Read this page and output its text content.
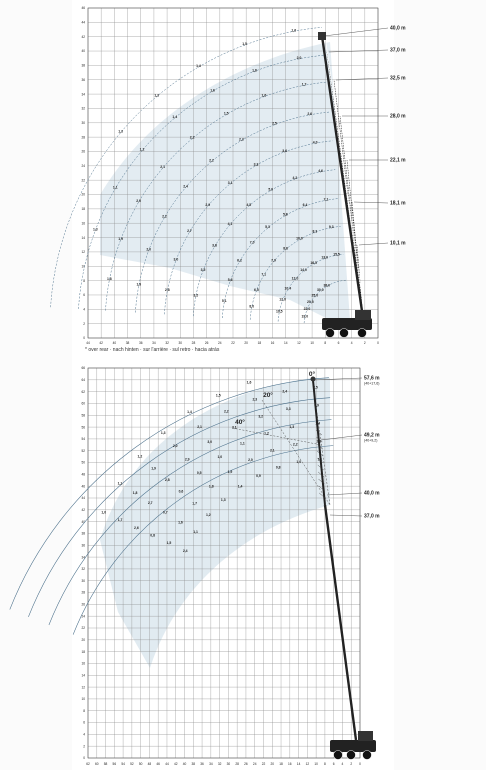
44	42	40	38	36	34	32	30	28	26	24	22	20	18	16	14	12	10	8	6	4	2	0
46
44
42
40
38
36
34
32
30
28
26
24
22
20
18
16
14
12
10
8
6
4
2
0
1,3
1,3
1,4
1,5
1,6
1,3
1,1
1,2
1,4
1,6
1,8
2,0
1,8
1,9
2,0
2,1
2,2
1,5
1,6
1,7
1,9
2,0
2,2
2,4
2,2
2,3
2,5
2,6
2,8
3,0
2,7
2,9
3,1
3,3
3,6
4,0
3,2
3,5
3,8
4,1
4,5
5,0
4,2
4,6
5,1
5,6
6,2
7,0
5,3
5,8
6,4
7,1
8,0
6,5
7,1
7,9
8,8
10,0
8,3
9,3
10,5
12,0
10,4
12,0
14,0
16,5
13,0
15,5
19,0
22,0
20,5
25,0
30,0
38,0
40,0 m
37,0 m
32,5 m
28,0 m
22,1 m
18,1 m
10,1 m
* over rear · nach hinten · sur l'arrière · sul retro · hacia atrás
62 60 58 56 54 52 50 48 46 44 42 40 38 36 34 32 30 28 26 24 22 20 18 16 14 12 10 8 6 4 2 0
66
64
62
60
58
56
54
52
50
48
46
44
42
40
38
36
34
32
30
28
26
24
22
20
18
16
14
12
10
8
6
4
2
0
1,0
1,1
1,2
1,3
1,4
1,5
1,6
1,7
1,8
1,9
2,0
2,1
2,2
2,3
2,4
2,5
2,6
2,7
2,8
2,9
3,0
3,1
3,2
3,3
0,9
0,8
0,7
0,6
0,5
1,0
1,1
1,2
1,3
1,4
1,5
1,6
1,7
1,8
1,9
2,0
2,1
2,2
2,3
2,4
1,1
1,2
1,3
1,4
0,9
0,8
1,0
1,1
0°
20°
40°
57,6 m
(40+17,6)
49,2 m
(40+9,2)
40,0 m
37,0 m
